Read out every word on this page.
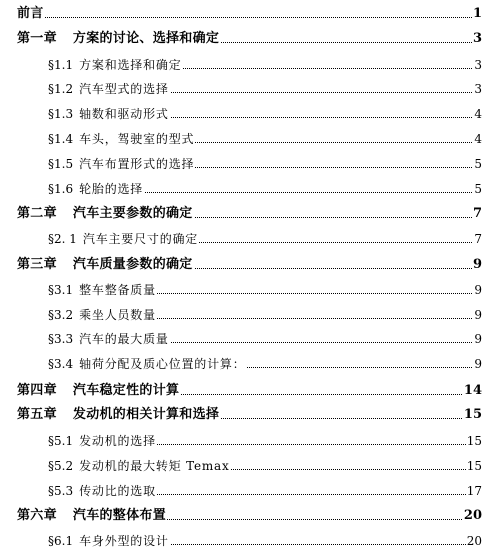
前言	1
第一章 方案的讨论、选择和确定	3
§1.1 方案和选择和确定	3
§1.2 汽车型式的选择	3
§1.3 轴数和驱动形式	4
§1.4 车头，驾驶室的型式	4
§1.5 汽车布置形式的选择	5
§1.6 轮胎的选择	5
第二章 汽车主要参数的确定	7
§2. 1 汽车主要尺寸的确定	7
第三章 汽车质量参数的确定	9
§3.1 整车整备质量	9
§3.2 乘坐人员数量	9
§3.3 汽车的最大质量	9
§3.4 轴荷分配及质心位置的计算：	9
第四章 汽车稳定性的计算	14
第五章 发动机的相关计算和选择	15
§5.1 发动机的选择	15
§5.2 发动机的最大转矩 Temax	15
§5.3 传动比的选取	17
第六章 汽车的整体布置	20
§6.1 车身外型的设计	20
